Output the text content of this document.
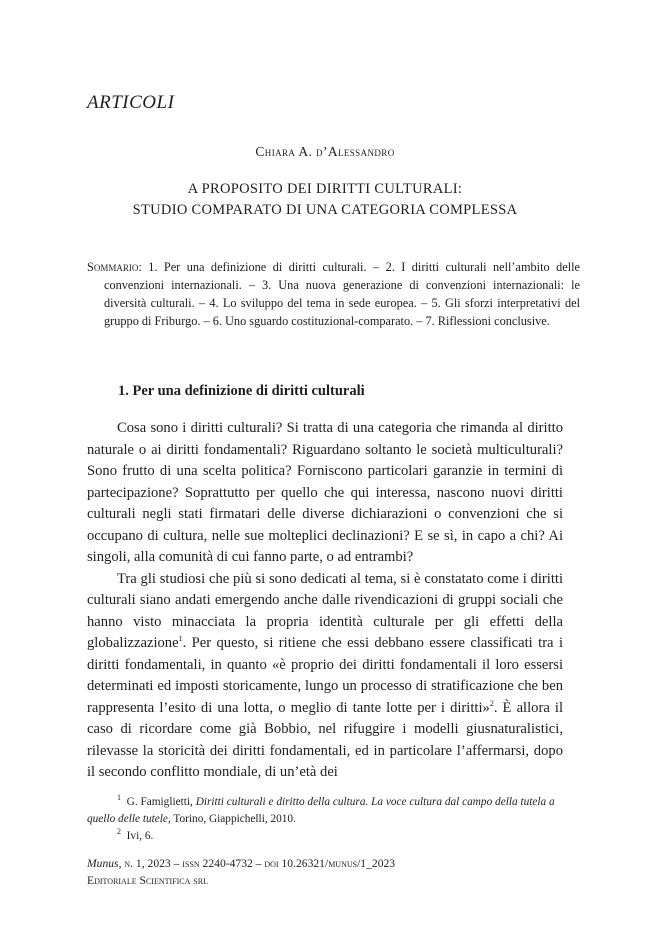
ARTICOLI
Chiara A. d’Alessandro
A PROPOSITO DEI DIRITTI CULTURALI:
STUDIO COMPARATO DI UNA CATEGORIA COMPLESSA
Sommario: 1. Per una definizione di diritti culturali. – 2. I diritti culturali nell’ambito delle convenzioni internazionali. – 3. Una nuova generazione di convenzioni internazionali: le diversità culturali. – 4. Lo sviluppo del tema in sede europea. – 5. Gli sforzi interpretativi del gruppo di Friburgo. – 6. Uno sguardo costituzional-comparato. – 7. Riflessioni conclusive.
1. Per una definizione di diritti culturali

Cosa sono i diritti culturali? Si tratta di una categoria che rimanda al diritto naturale o ai diritti fondamentali? Riguardano soltanto le società multiculturali? Sono frutto di una scelta politica? Forniscono particolari garanzie in termini di partecipazione? Soprattutto per quello che qui interessa, nascono nuovi diritti culturali negli stati firmatari delle diverse dichiarazioni o convenzioni che si occupano di cultura, nelle sue molteplici declinazioni? E se sì, in capo a chi? Ai singoli, alla comunità di cui fanno parte, o ad entrambi?

Tra gli studiosi che più si sono dedicati al tema, si è constatato come i diritti culturali siano andati emergendo anche dalle rivendicazioni di gruppi sociali che hanno visto minacciata la propria identità culturale per gli effetti della globalizzazione$^1$. Per questo, si ritiene che essi debbano essere classificati tra i diritti fondamentali, in quanto «è proprio dei diritti fondamentali il loro essersi determinati ed imposti storicamente, lungo un processo di stratificazione che ben rappresenta l’esito di una lotta, o meglio di tante lotte per i diritti»$^2$. È allora il caso di ricordare come già Bobbio, nel rifuggire i modelli giusnaturalistici, rilevasse la storicità dei diritti fondamentali, ed in particolare l’affermarsi, dopo il secondo conflitto mondiale, di un’età dei

$^1$ G. Famiglietti, Diritti culturali e diritto della cultura. La voce cultura dal campo della tutela a quello delle tutele, Torino, Giappichelli, 2010.

$^2$ Ivi, 6.

Munus, n. 1, 2023 – issn 2240-4732 – doi 10.26321/munus/1_2023
Editoriale Scientifica srl
